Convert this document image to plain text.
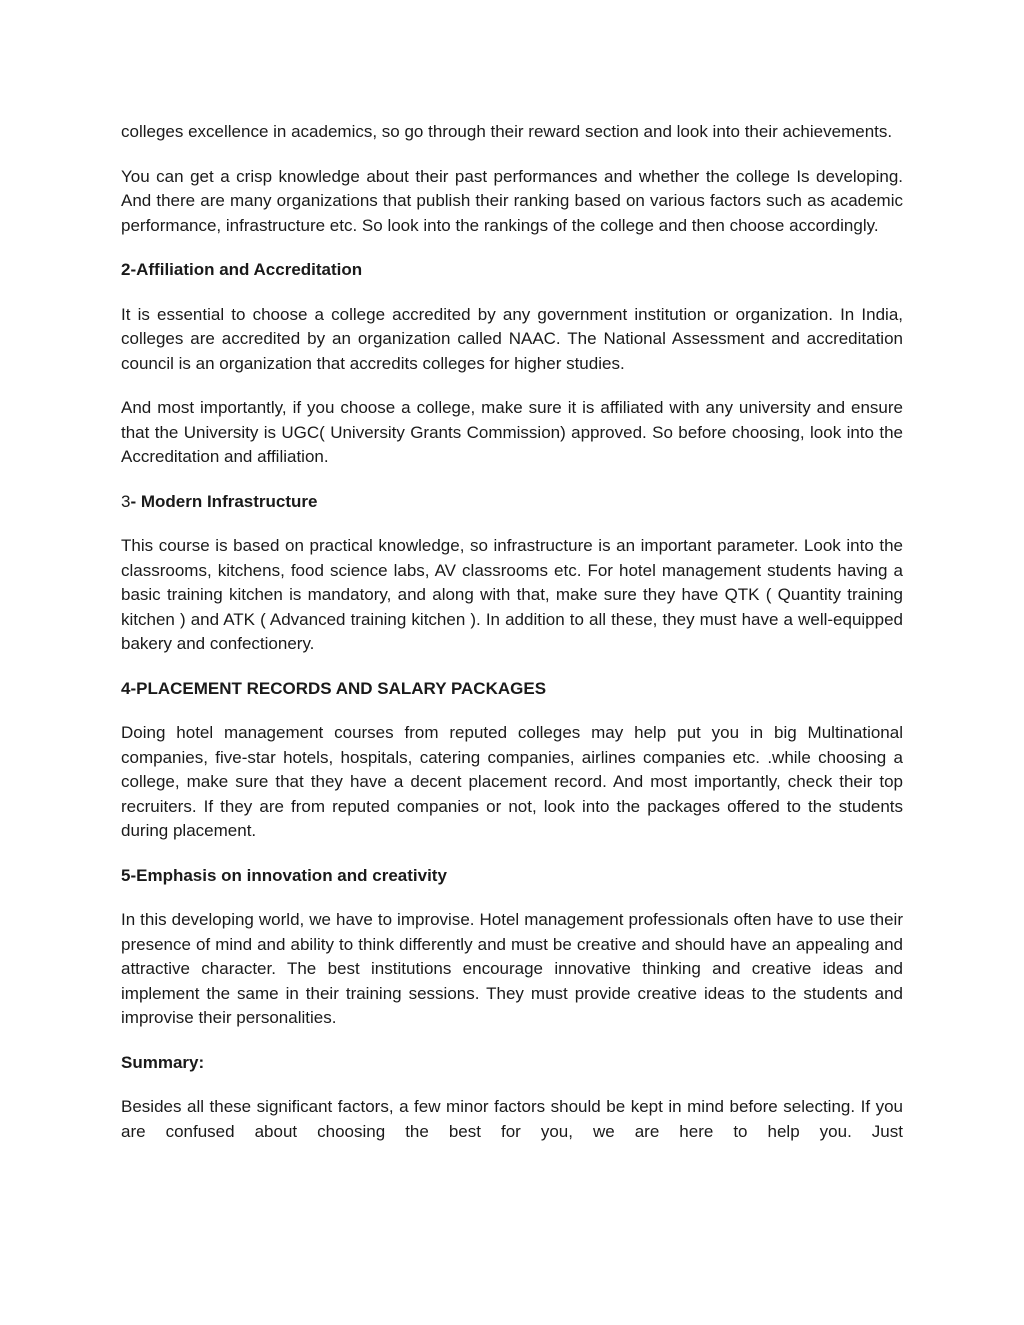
colleges excellence in academics, so go through their reward section and look into their achievements.

You can get a crisp knowledge about their past performances and whether the college Is developing. And there are many organizations that publish their ranking based on various factors such as academic performance, infrastructure etc. So look into the rankings of the college and then choose accordingly.

2-Affiliation and Accreditation

It is essential to choose a college accredited by any government institution or organization. In India, colleges are accredited by an organization called NAAC. The National Assessment and accreditation council is an organization that accredits colleges for higher studies.

And most importantly, if you choose a college, make sure it is affiliated with any university and ensure that the University is UGC( University Grants Commission) approved. So before choosing, look into the Accreditation and affiliation.

3- Modern Infrastructure

This course is based on practical knowledge, so infrastructure is an important parameter. Look into the classrooms, kitchens, food science labs, AV classrooms etc. For hotel management students having a basic training kitchen is mandatory, and along with that, make sure they have QTK ( Quantity training kitchen ) and ATK ( Advanced training kitchen ). In addition to all these, they must have a well-equipped bakery and confectionery.

4-PLACEMENT RECORDS AND SALARY PACKAGES

Doing hotel management courses from reputed colleges may help put you in big Multinational companies, five-star hotels, hospitals, catering companies, airlines companies etc. .while choosing a college, make sure that they have a decent placement record. And most importantly, check their top recruiters. If they are from reputed companies or not, look into the packages offered to the students during placement.

5-Emphasis on innovation and creativity

In this developing world, we have to improvise. Hotel management professionals often have to use their presence of mind and ability to think differently and must be creative and should have an appealing and attractive character. The best institutions encourage innovative thinking and creative ideas and implement the same in their training sessions. They must provide creative ideas to the students and improvise their personalities.

Summary:

Besides all these significant factors, a few minor factors should be kept in mind before selecting. If you are confused about choosing the best for you, we are here to help you. Just
